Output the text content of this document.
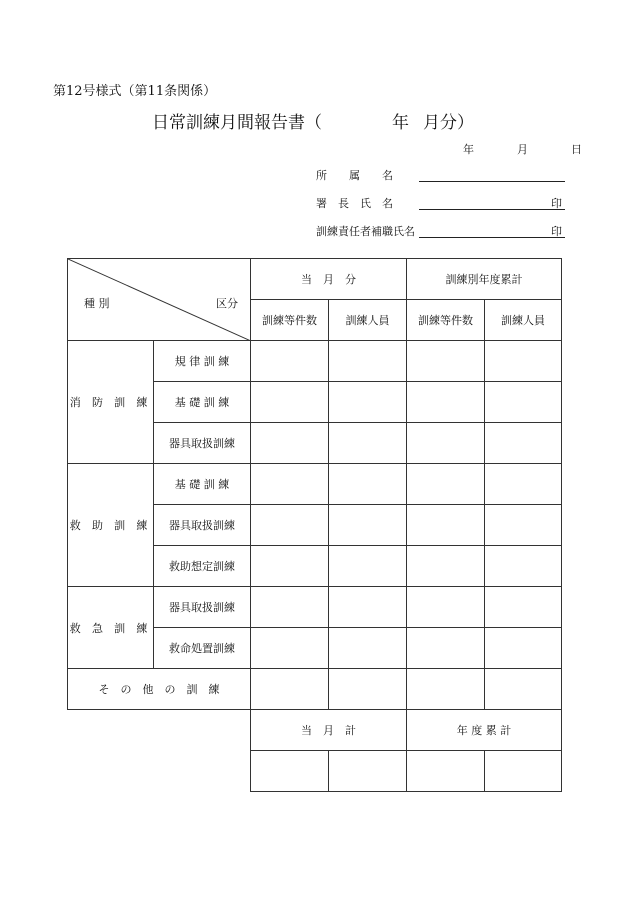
第12号様式（第11条関係）
日常訓練月間報告書（	年 月分）
年	月	日
所　　属　　名
署　長　氏　名	印
訓練責任者補職氏名	印
種 別 区分		当　月　分		訓練別年度累計	
		訓練等件数	訓練人員	訓練等件数	訓練人員
消 防 訓 練	規 律 訓 練				
	基 礎 訓 練				
	器具取扱訓練				
救 助 訓 練	基 礎 訓 練				
	器具取扱訓練				
	救助想定訓練				
救 急 訓 練	器具取扱訓練				
	救命処置訓練				
そ　の　他　の　訓　練					
		当　月　計		年 度 累 計	
